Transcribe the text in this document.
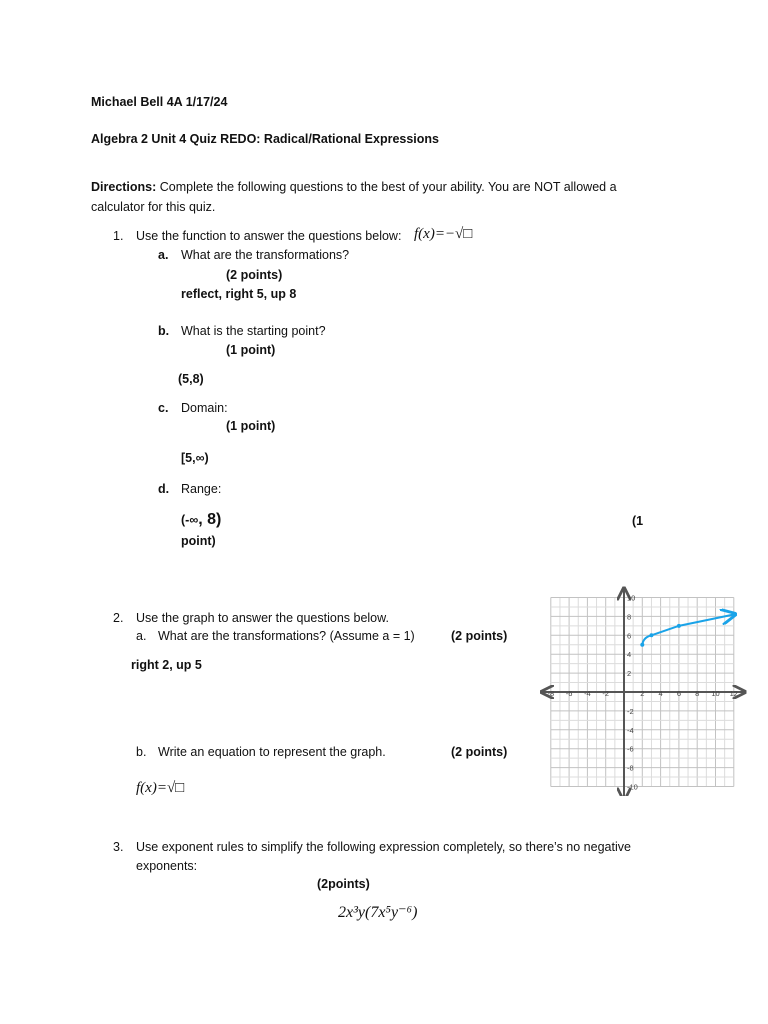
Michael Bell 4A 1/17/24
Algebra 2 Unit 4 Quiz REDO: Radical/Rational Expressions
Directions: Complete the following questions to the best of your ability. You are NOT allowed a
calculator for this quiz.
1. Use the function to answer the questions below: f(x)=−√□
a. What are the transformations?
(2 points)
reflect, right 5, up 8
b. What is the starting point?
(1 point)
(5,8)
c. Domain:
(1 point)
[5,∞)
d. Range:
(-∞, 8)	(1
point)
2. Use the graph to answer the questions below.
a. What are the transformations? (Assume a = 1)	(2 points)
right 2, up 5
b. Write an equation to represent the graph.	(2 points)
f(x)=√□
-8 -6 -4 -2	2 4 6 8 10 12
10
8
6
4
2
-2
-4
-6
-8
-10
3. Use exponent rules to simplify the following expression completely, so there’s no negative
exponents:
(2points)
2x³y(7x⁵y⁻⁶)
